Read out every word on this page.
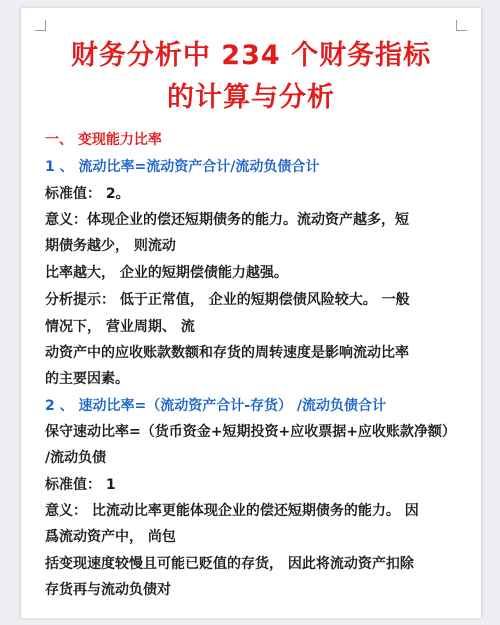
财务分析中 234 个财务指标
的计算与分析
一、 变现能力比率
1 、 流动比率=流动资产合计/流动负债合计
标准值： 2。
意义：体现企业的偿还短期债务的能力。流动资产越多，短
期债务越少， 则流动
比率越大， 企业的短期偿债能力越强。
分析提示： 低于正常值， 企业的短期偿债风险较大。 一般
情况下， 营业周期、 流
动资产中的应收账款数额和存货的周转速度是影响流动比率
的主要因素。
2 、 速动比率=（流动资产合计-存货） /流动负债合计
保守速动比率=（货币资金+短期投资+应收票据+应收账款净额）
/流动负债
标准值： 1
意义： 比流动比率更能体现企业的偿还短期债务的能力。 因
爲流动资产中， 尚包
括变现速度较慢且可能已贬值的存货， 因此将流动资产扣除
存货再与流动负债对
